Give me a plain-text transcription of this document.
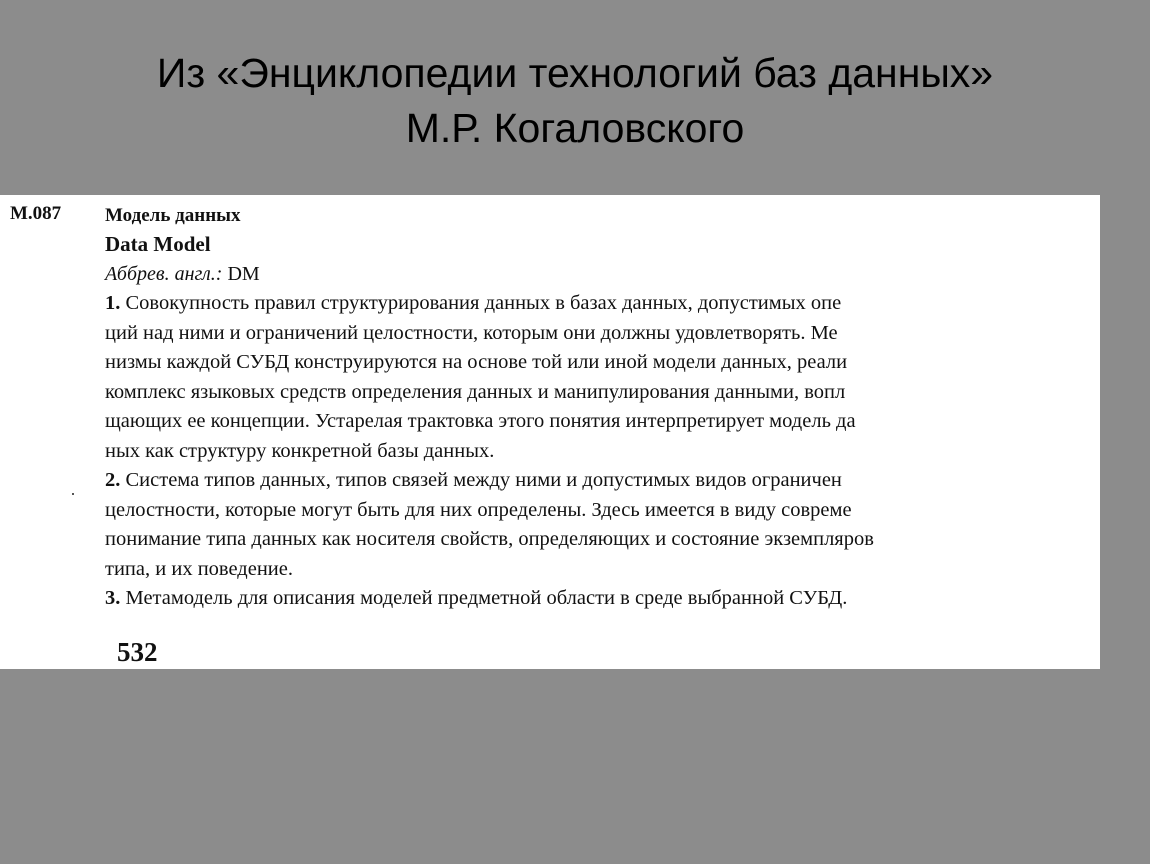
Из «Энциклопедии технологий баз данных»
М.Р. Когаловского
M.087 Модель данных
Data Model
Аббрев. англ.: DM

1. Совокупность правил структурирования данных в базах данных, допустимых опе

ций над ними и ограничений целостности, которым они должны удовлетворять. Ме

низмы каждой СУБД конструируются на основе той или иной модели данных, реали

комплекс языковых средств определения данных и манипулирования данными, вопл

щающих ее концепции. Устарелая трактовка этого понятия интерпретирует модель да

ных как структуру конкретной базы данных.

2. Система типов данных, типов связей между ними и допустимых видов ограничен

целостности, которые могут быть для них определены. Здесь имеется в виду совреме

понимание типа данных как носителя свойств, определяющих и состояние экземпляров

типа, и их поведение.

3. Метамодель для описания моделей предметной области в среде выбранной СУБД.

532
